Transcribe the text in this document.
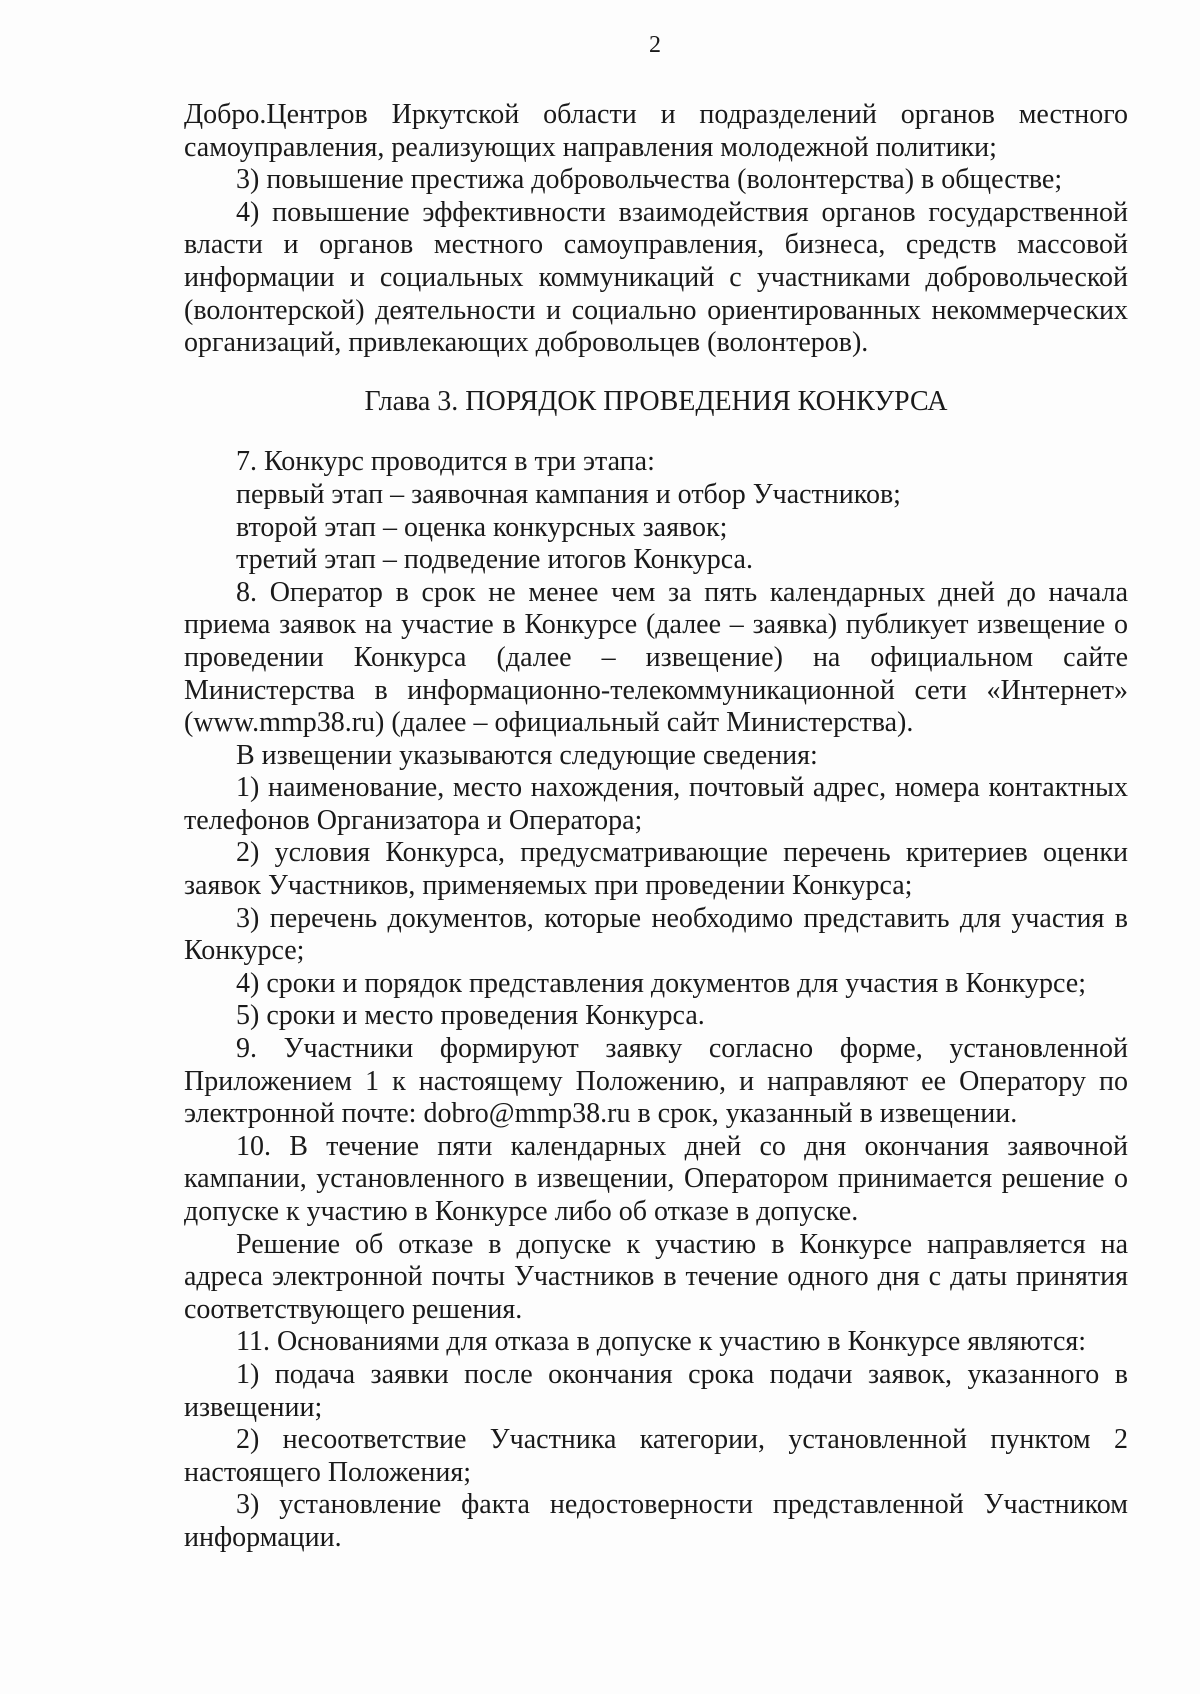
2

Добро.Центров Иркутской области и подразделений органов местного самоуправления, реализующих направления молодежной политики;

3) повышение престижа добровольчества (волонтерства) в обществе;

4) повышение эффективности взаимодействия органов государственной власти и органов местного самоуправления, бизнеса, средств массовой информации и социальных коммуникаций с участниками добровольческой (волонтерской) деятельности и социально ориентированных некоммерческих организаций, привлекающих добровольцев (волонтеров).

Глава 3. ПОРЯДОК ПРОВЕДЕНИЯ КОНКУРСА

7. Конкурс проводится в три этапа:

первый этап – заявочная кампания и отбор Участников;

второй этап – оценка конкурсных заявок;

третий этап – подведение итогов Конкурса.

8. Оператор в срок не менее чем за пять календарных дней до начала приема заявок на участие в Конкурсе (далее – заявка) публикует извещение о проведении Конкурса (далее – извещение) на официальном сайте Министерства в информационно-телекоммуникационной сети «Интернет» (www.mmp38.ru) (далее – официальный сайт Министерства).

В извещении указываются следующие сведения:

1) наименование, место нахождения, почтовый адрес, номера контактных телефонов Организатора и Оператора;

2) условия Конкурса, предусматривающие перечень критериев оценки заявок Участников, применяемых при проведении Конкурса;

3) перечень документов, которые необходимо представить для участия в Конкурсе;

4) сроки и порядок представления документов для участия в Конкурсе;

5) сроки и место проведения Конкурса.

9. Участники формируют заявку согласно форме, установленной Приложением 1 к настоящему Положению, и направляют ее Оператору по электронной почте: dobro@mmp38.ru в срок, указанный в извещении.

10. В течение пяти календарных дней со дня окончания заявочной кампании, установленного в извещении, Оператором принимается решение о допуске к участию в Конкурсе либо об отказе в допуске.

Решение об отказе в допуске к участию в Конкурсе направляется на адреса электронной почты Участников в течение одного дня с даты принятия соответствующего решения.

11. Основаниями для отказа в допуске к участию в Конкурсе являются:

1) подача заявки после окончания срока подачи заявок, указанного в извещении;

2) несоответствие Участника категории, установленной пунктом 2 настоящего Положения;

3) установление факта недостоверности представленной Участником информации.
